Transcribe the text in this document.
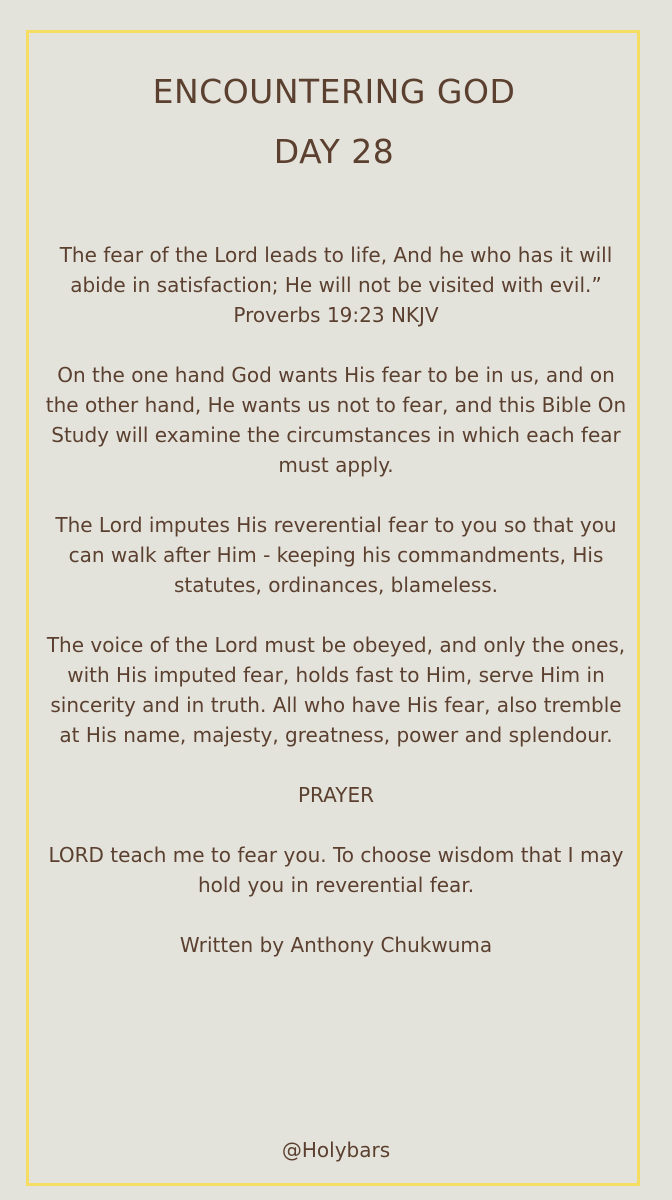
ENCOUNTERING GOD
DAY 28

The fear of the Lord leads to life, And he who has it will

abide in satisfaction; He will not be visited with evil.”

Proverbs 19:23 NKJV

On the one hand God wants His fear to be in us, and on

the other hand, He wants us not to fear, and this Bible On

Study will examine the circumstances in which each fear

must apply.

The Lord imputes His reverential fear to you so that you

can walk after Him - keeping his commandments, His

statutes, ordinances, blameless.

The voice of the Lord must be obeyed, and only the ones,

with His imputed fear, holds fast to Him, serve Him in

sincerity and in truth. All who have His fear, also tremble

at His name, majesty, greatness, power and splendour.

PRAYER

LORD teach me to fear you. To choose wisdom that I may

hold you in reverential fear.

Written by Anthony Chukwuma

@Holybars
